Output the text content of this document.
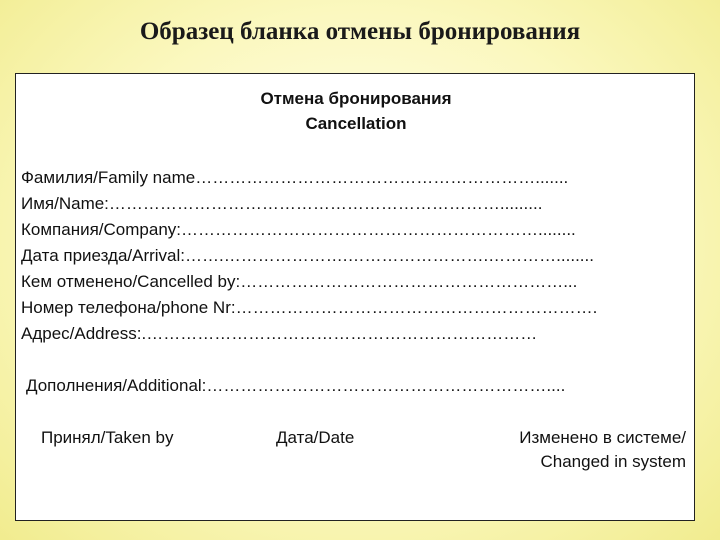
Образец бланка отмены бронирования
Отмена бронирования
Cancellation
Фамилия/Family name…………………………………………………….......
Имя/Name:…………………………………………………………….........
Компания/Company:………………………………………………………........
Дата приезда/Arrival:…….………………….…………………….…………........
Кем отменено/Cancelled by:…………………………………………………...
Номер телефона/phone Nr:……………………………………………………….
Адрес/Address:.……………………………………………………………
Дополнения/Additional:……………………………………………………....
Принял/Taken by	Дата/Date	Изменено в системе/
Changed in system
